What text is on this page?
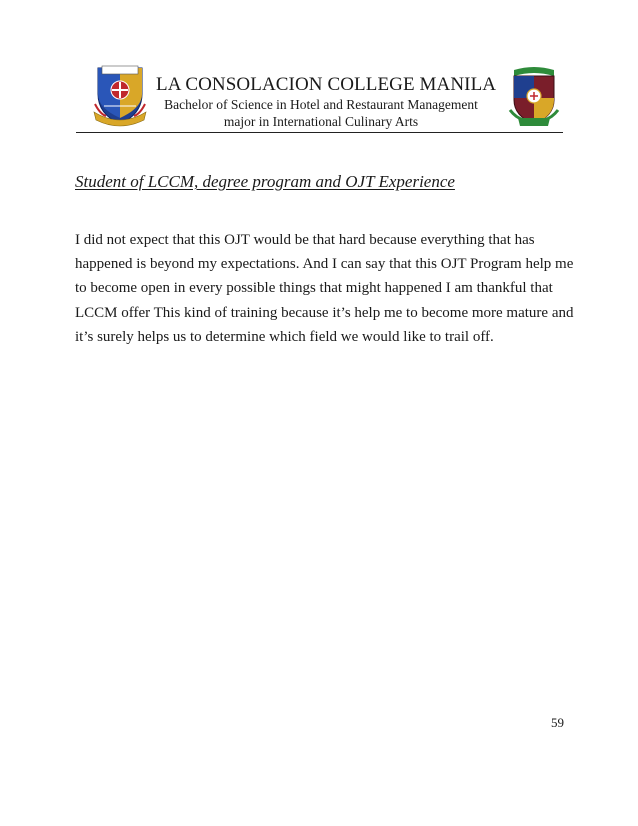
LA CONSOLACION COLLEGE MANILA
Bachelor of Science in Hotel and Restaurant Management
major in International Culinary Arts
Student of LCCM, degree program and OJT Experience

I did not expect that this OJT would be that hard because everything that has

happened is beyond my expectations. And I can say that this OJT Program help me

to become open in every possible things that might happened I am thankful that

LCCM offer This kind of training because it’s help me to become more mature and

it’s surely helps us to determine which field we would like to trail off.

59
